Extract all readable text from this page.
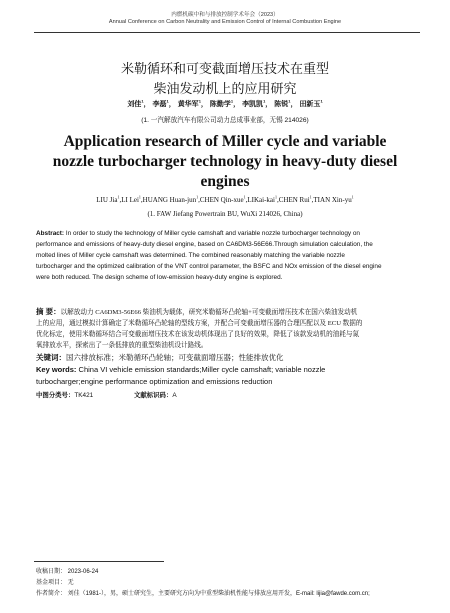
内燃机碳中和与排放控制学术年会（2023）
Annual Conference on Carbon Neutrality and Emission Control of Internal Combustion Engine
米勒循环和可变截面增压技术在重型
柴油发动机上的应用研究
刘佳$^1$， 李磊$^1$， 黄华军$^1$， 陈勤学$^1$， 李凯凯$^1$， 陈锐$^1$， 田新玉$^1$
(1. 一汽解放汽车有限公司动力总成事业部，无锡 214026)
Application research of Miller cycle and variable
nozzle turbocharger technology in heavy-duty diesel
engines
LIU Jia$^1$,LI Lei$^1$,HUANG Huan-jun$^1$,CHEN Qin-xue$^1$,LIKai-kai$^1$,CHEN Rui$^1$,TIAN Xin-$yu^1$
(1. FAW Jiefang Powertrain BU, WuXi 214026, China)
Abstract: In order to study the technology of Miller cycle camshaft and variable nozzle turbocharger technology on
performance and emissions of heavy-duty diesel engine, based on CA6DM3-56E66.Through simulation calculation, the
molted lines of Miller cycle camshaft was determined. The combined reasonably matching the variable nozzle
turbocharger and the optimized calibration of the VNT control parameter, the BSFC and NOx emission of the diesel engine
were both reduced. The design scheme of low-emission heavy-duty engine is explored.
摘 要：以解放动力 CA6DM3-56E66 柴油机为载体，研究米勒循环凸轮轴+可变截面增压技术在国六柴油发动机
上的应用，通过模拟计算确定了米勒循环凸轮轴的型线方案，并配合可变截面增压器的合理匹配以及 ECU 数据的
优化标定，使用米勒循环结合可变截面增压技术在该发动机体现出了良好的效果，降低了该款发动机的油耗与氮
氧排放水平，探索出了一条低排放的重型柴油机设计路线。
关键词：国六排放标准；米勒循环凸轮轴；可变截面增压器；性能排放优化
Key words: China VI vehicle emission standards;Miller cycle camshaft; variable nozzle
turbocharger;engine performance optimization and emissions reduction
中图分类号：TK421	文献标识码：A
收稿日期： 2023-06-24
基金项目： 无
作者简介： 刘佳（1981-），男，硕士研究生，主要研究方向为中重型柴油机性能与排放应用开发，E-mail: lijia@fawde.com.cn;
